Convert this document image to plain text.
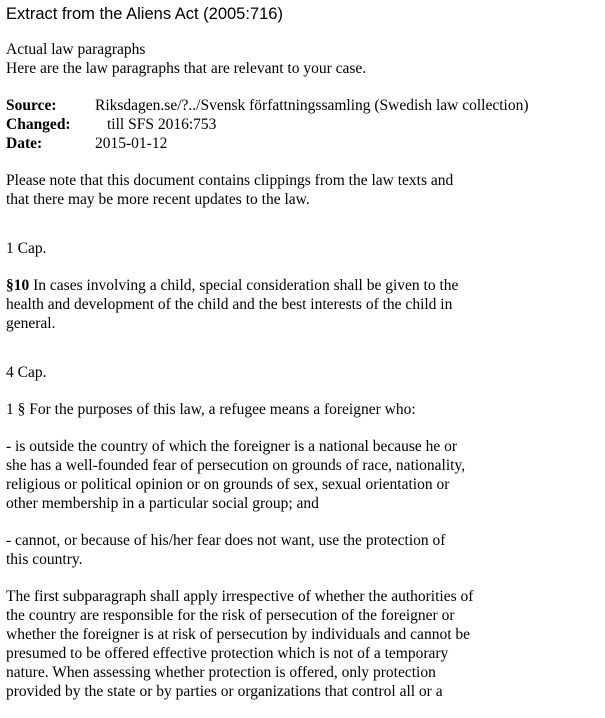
Extract from the Aliens Act (2005:716)
Actual law paragraphs
Here are the law paragraphs that are relevant to your case.
Source:	Riksdagen.se/?../Svensk författningssamling (Swedish law collection)
Changed:	till SFS 2016:753
Date:	2015-01-12
Please note that this document contains clippings from the law texts and
that there may be more recent updates to the law.
1 Cap.
§10 In cases involving a child, special consideration shall be given to the
health and development of the child and the best interests of the child in
general.
4 Cap.
1 § For the purposes of this law, a refugee means a foreigner who:
- is outside the country of which the foreigner is a national because he or
she has a well-founded fear of persecution on grounds of race, nationality,
religious or political opinion or on grounds of sex, sexual orientation or
other membership in a particular social group; and
- cannot, or because of his/her fear does not want, use the protection of
this country.
The first subparagraph shall apply irrespective of whether the authorities of
the country are responsible for the risk of persecution of the foreigner or
whether the foreigner is at risk of persecution by individuals and cannot be
presumed to be offered effective protection which is not of a temporary
nature. When assessing whether protection is offered, only protection
provided by the state or by parties or organizations that control all or a
